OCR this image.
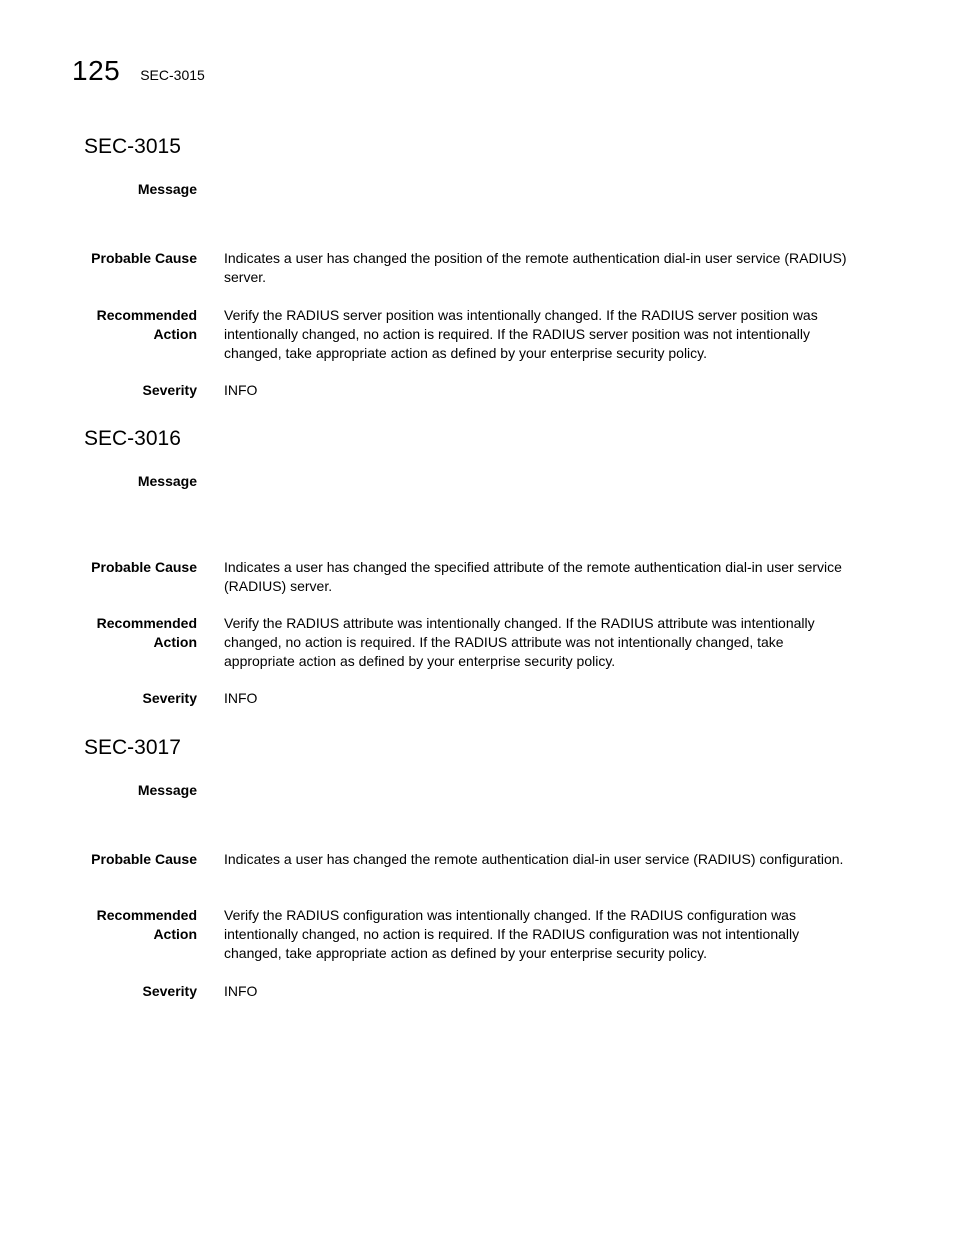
125 SEC-3015
SEC-3015
Message
Probable Cause Indicates a user has changed the position of the remote authentication dial-in user service (RADIUS) server.
Recommended
Action
Verify the RADIUS server position was intentionally changed. If the RADIUS server position was intentionally changed, no action is required. If the RADIUS server position was not intentionally changed, take appropriate action as defined by your enterprise security policy.
Severity INFO
SEC-3016
Message
Probable Cause Indicates a user has changed the specified attribute of the remote authentication dial-in user service (RADIUS) server.
Recommended
Action
Verify the RADIUS attribute was intentionally changed. If the RADIUS attribute was intentionally changed, no action is required. If the RADIUS attribute was not intentionally changed, take appropriate action as defined by your enterprise security policy.
Severity INFO
SEC-3017
Message
Probable Cause Indicates a user has changed the remote authentication dial-in user service (RADIUS) configuration.
Recommended
Action
Verify the RADIUS configuration was intentionally changed. If the RADIUS configuration was intentionally changed, no action is required. If the RADIUS configuration was not intentionally changed, take appropriate action as defined by your enterprise security policy.
Severity INFO
